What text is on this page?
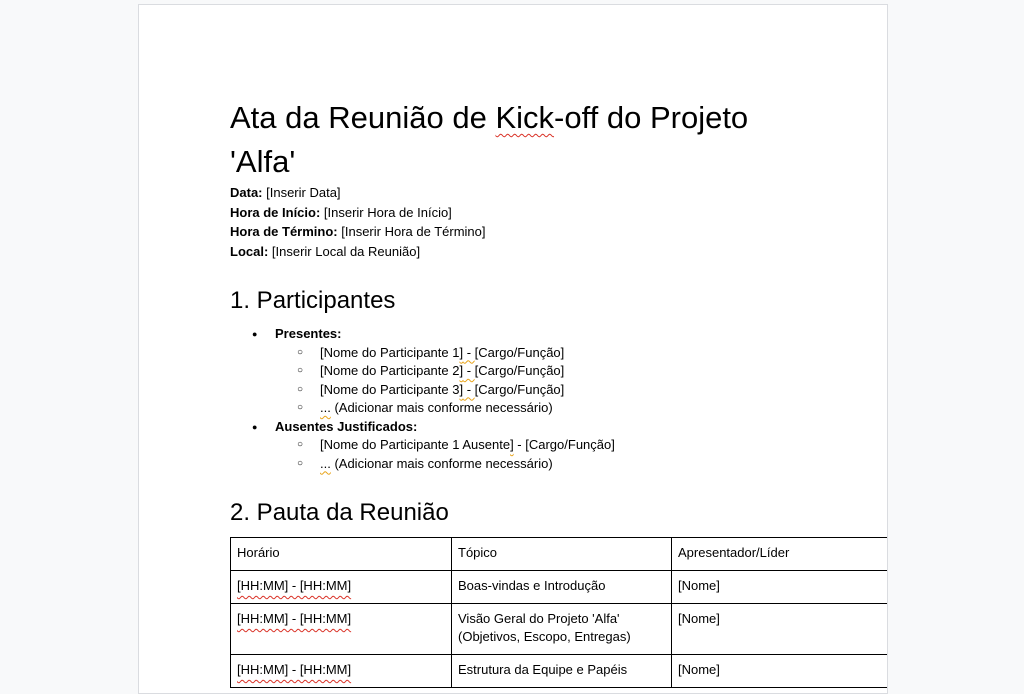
Ata da Reunião de Kick-off do Projeto 'Alfa'
Data: [Inserir Data]
Hora de Início: [Inserir Hora de Início]
Hora de Término: [Inserir Hora de Término]
Local: [Inserir Local da Reunião]
1. Participantes
● Presentes:
○ [Nome do Participante 1] - [Cargo/Função]
○ [Nome do Participante 2] - [Cargo/Função]
○ [Nome do Participante 3] - [Cargo/Função]
○ ... (Adicionar mais conforme necessário)
● Ausentes Justificados:
○ [Nome do Participante 1 Ausente] - [Cargo/Função]
○ ... (Adicionar mais conforme necessário)
2. Pauta da Reunião
Horário	Tópico	Apresentador/Líder
[HH:MM] - [HH:MM]	Boas-vindas e Introdução	[Nome]
[HH:MM] - [HH:MM]	Visão Geral do Projeto 'Alfa' (Objetivos, Escopo, Entregas)	[Nome]
[HH:MM] - [HH:MM]	Estrutura da Equipe e Papéis	[Nome]
